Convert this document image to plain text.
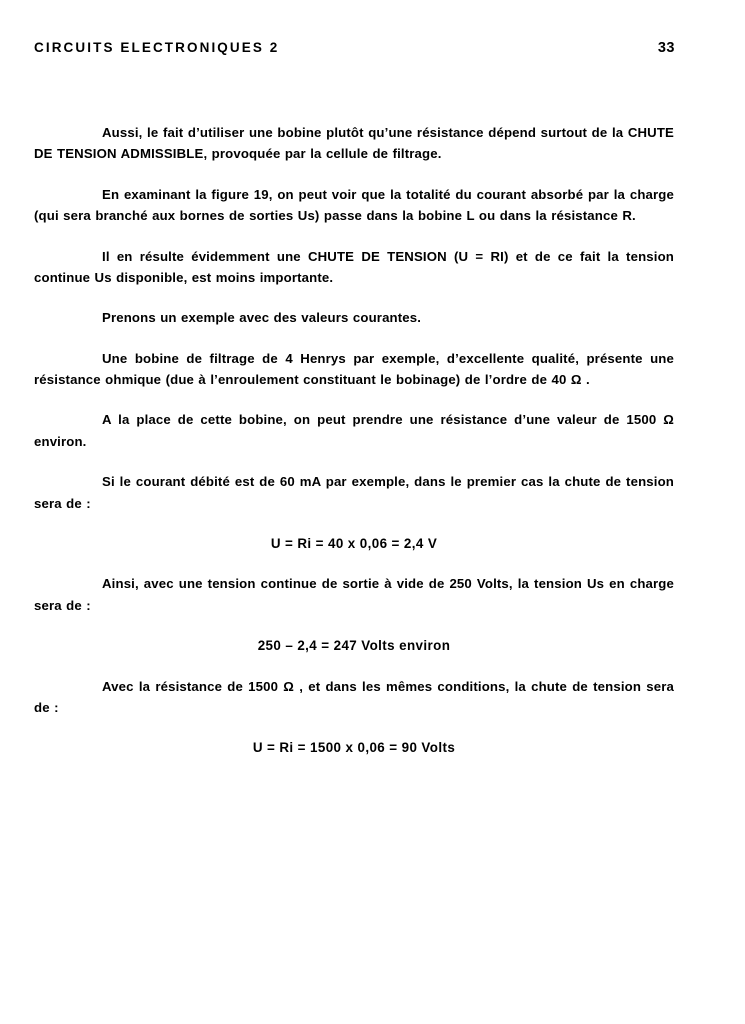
CIRCUITS ELECTRONIQUES 2	33

Aussi, le fait d’utiliser une bobine plutôt qu’une résistance dépend surtout de la CHUTE DE TENSION ADMISSIBLE, provoquée par la cellule de filtrage.

En examinant la figure 19, on peut voir que la totalité du courant absorbé par la charge (qui sera branché aux bornes de sorties Us) passe dans la bobine L ou dans la résistance R.

Il en résulte évidemment une CHUTE DE TENSION (U = RI) et de ce fait la tension continue Us disponible, est moins importante.

Prenons un exemple avec des valeurs courantes.

Une bobine de filtrage de 4 Henrys par exemple, d’excellente qualité, présente une résistance ohmique (due à l’enroulement constituant le bobinage) de l’ordre de 40 Ω .

A la place de cette bobine, on peut prendre une résistance d’une valeur de 1500 Ω environ.

Si le courant débité est de 60 mA par exemple, dans le premier cas la chute de tension sera de :

U = Ri = 40 x 0,06 = 2,4 V

Ainsi, avec une tension continue de sortie à vide de 250 Volts, la tension Us en charge sera de :

250 – 2,4 = 247 Volts environ

Avec la résistance de 1500 Ω , et dans les mêmes conditions, la chute de tension sera de :

U = Ri = 1500 x 0,06 = 90 Volts
